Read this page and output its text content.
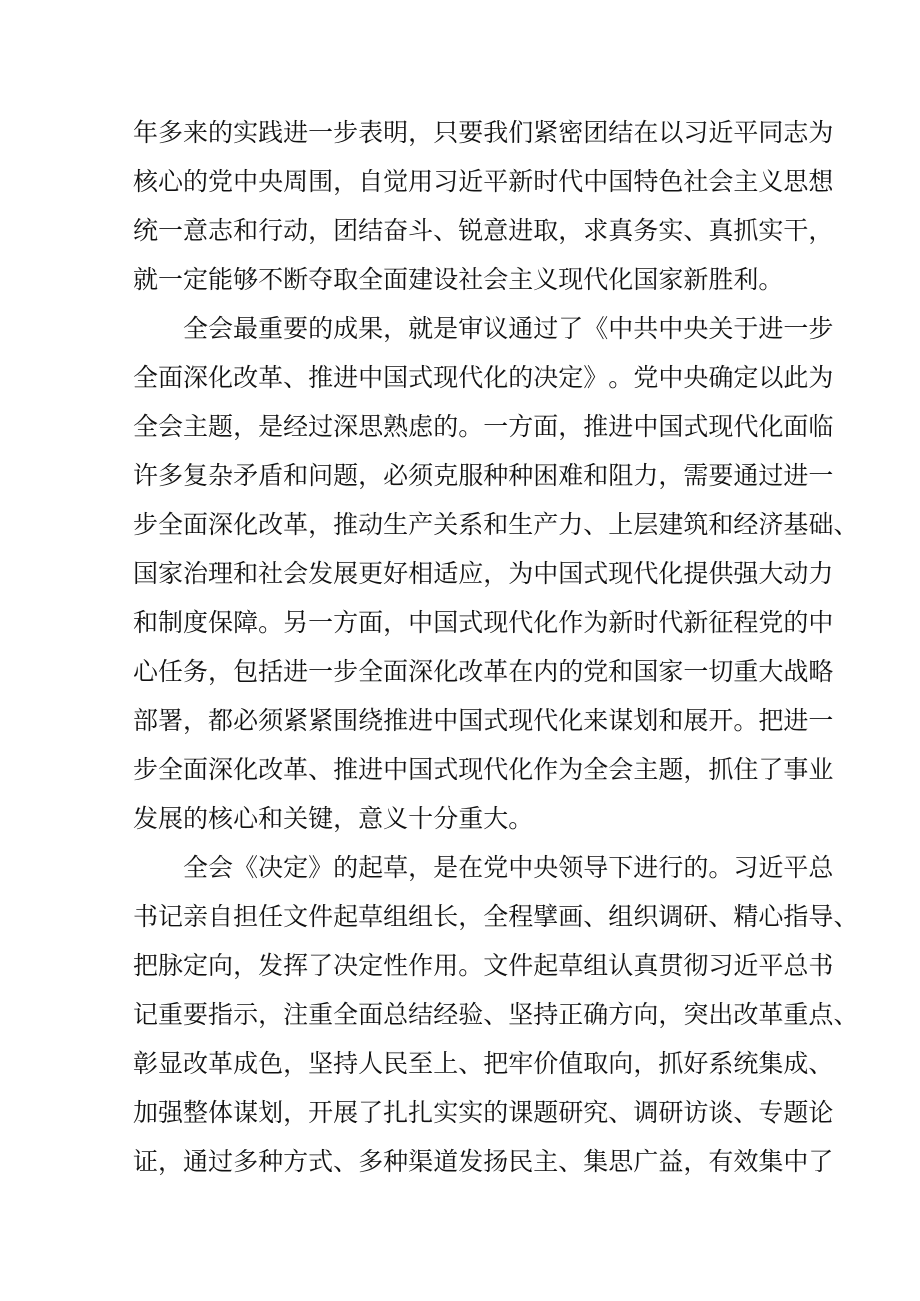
年 多 来 的 实 践 进 一 步 表 明 ， 只 要 我 们 紧 密 团 结 在 以 习 近 平 同 志 为
核 心 的 党 中 央 周 围 ， 自 觉 用 习 近 平 新 时 代 中 国 特 色 社 会 主 义 思 想
统 一 意 志 和 行 动 ， 团 结 奋 斗 、 锐 意 进 取 ， 求 真 务 实 、 真 抓 实 干 ，
就 一 定 能 够 不 断 夺 取 全 面 建 设 社 会 主 义 现 代 化 国 家 新 胜 利 。
全 会 最 重 要 的 成 果 ， 就 是 审 议 通 过 了 《 中 共 中 央 关 于 进 一 步
全 面 深 化 改 革 、 推 进 中 国 式 现 代 化 的 决 定 》 。 党 中 央 确 定 以 此 为
全 会 主 题 ， 是 经 过 深 思 熟 虑 的 。 一 方 面 ， 推 进 中 国 式 现 代 化 面 临
许 多 复 杂 矛 盾 和 问 题 ， 必 须 克 服 种 种 困 难 和 阻 力 ， 需 要 通 过 进 一
步 全 面 深 化 改 革 ， 推 动 生 产 关 系 和 生 产 力 、 上 层 建 筑 和 经 济 基 础 、
国 家 治 理 和 社 会 发 展 更 好 相 适 应 ， 为 中 国 式 现 代 化 提 供 强 大 动 力
和 制 度 保 障 。 另 一 方 面 ， 中 国 式 现 代 化 作 为 新 时 代 新 征 程 党 的 中
心 任 务 ， 包 括 进 一 步 全 面 深 化 改 革 在 内 的 党 和 国 家 一 切 重 大 战 略
部 署 ， 都 必 须 紧 紧 围 绕 推 进 中 国 式 现 代 化 来 谋 划 和 展 开 。 把 进 一
步 全 面 深 化 改 革 、 推 进 中 国 式 现 代 化 作 为 全 会 主 题 ， 抓 住 了 事 业
发 展 的 核 心 和 关 键 ， 意 义 十 分 重 大 。
全 会 《 决 定 》 的 起 草 ， 是 在 党 中 央 领 导 下 进 行 的 。 习 近 平 总
书 记 亲 自 担 任 文 件 起 草 组 组 长 ， 全 程 擘 画 、 组 织 调 研 、 精 心 指 导 、
把 脉 定 向 ， 发 挥 了 决 定 性 作 用 。 文 件 起 草 组 认 真 贯 彻 习 近 平 总 书
记 重 要 指 示 ， 注 重 全 面 总 结 经 验 、 坚 持 正 确 方 向 ， 突 出 改 革 重 点 、
彰 显 改 革 成 色 ， 坚 持 人 民 至 上 、 把 牢 价 值 取 向 ， 抓 好 系 统 集 成 、
加 强 整 体 谋 划 ， 开 展 了 扎 扎 实 实 的 课 题 研 究 、 调 研 访 谈 、 专 题 论
证 ， 通 过 多 种 方 式 、 多 种 渠 道 发 扬 民 主 、 集 思 广 益 ， 有 效 集 中 了
